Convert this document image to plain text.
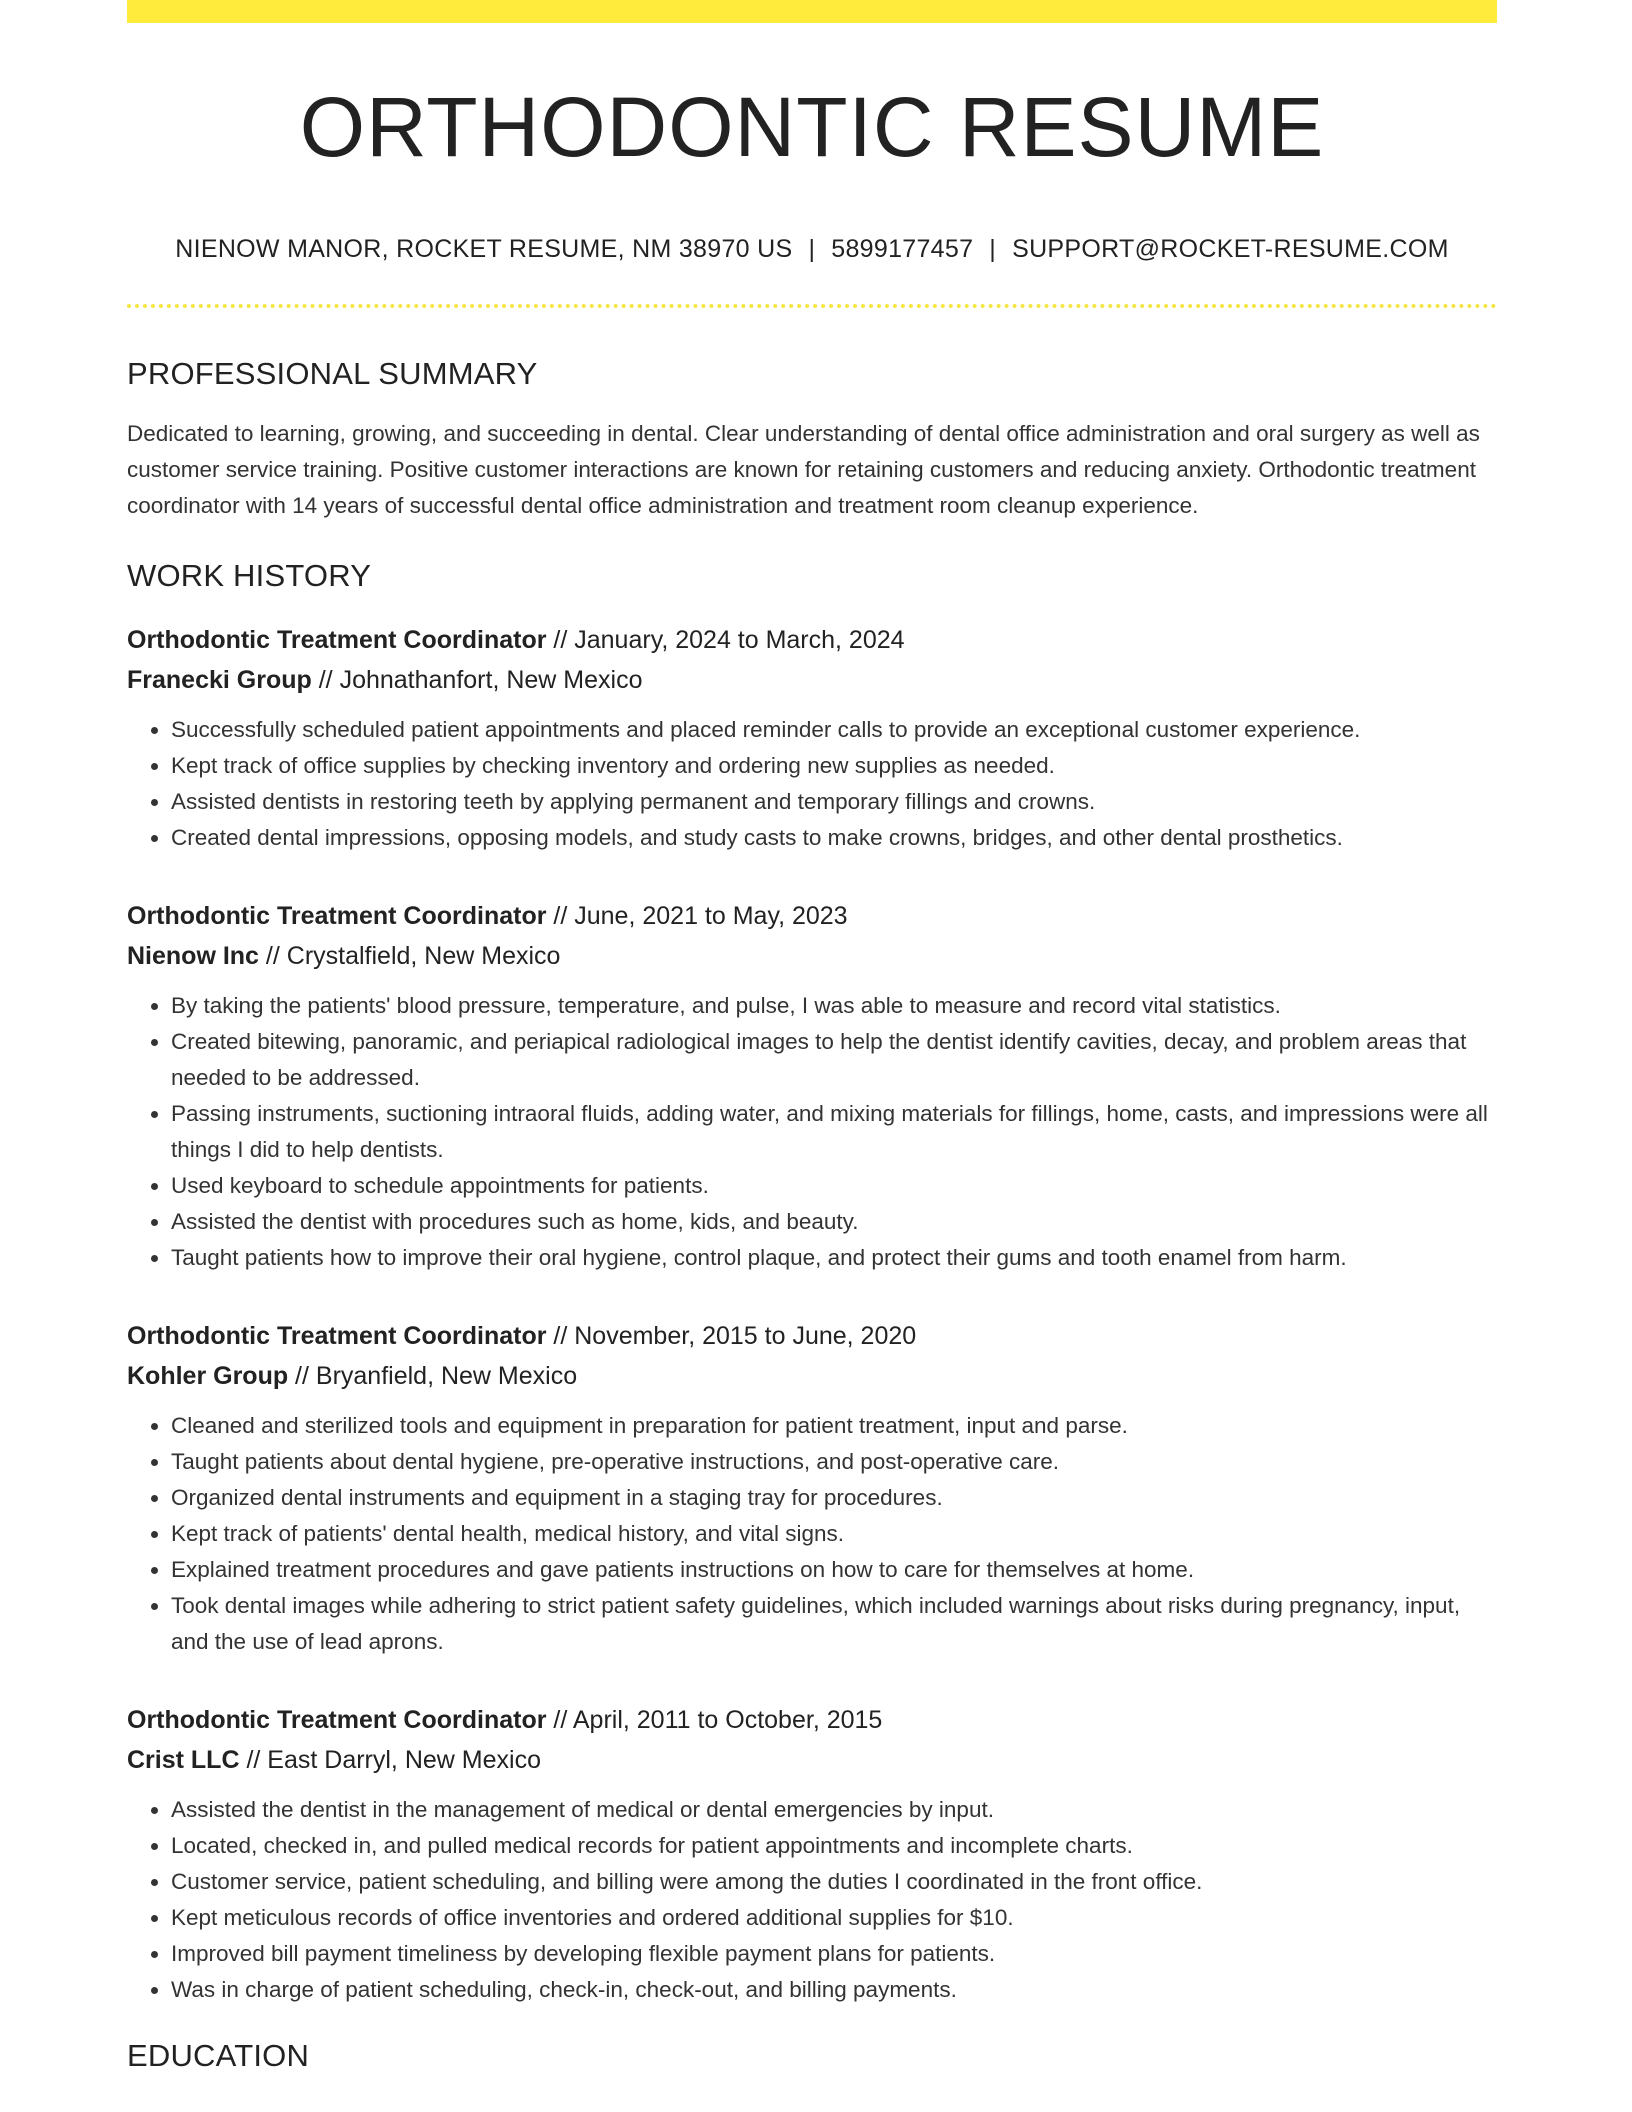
ORTHODONTIC RESUME
NIENOW MANOR, ROCKET RESUME, NM 38970 US | 5899177457 | SUPPORT@ROCKET-RESUME.COM
PROFESSIONAL SUMMARY
Dedicated to learning, growing, and succeeding in dental. Clear understanding of dental office administration and oral surgery as well as customer service training. Positive customer interactions are known for retaining customers and reducing anxiety. Orthodontic treatment coordinator with 14 years of successful dental office administration and treatment room cleanup experience.
WORK HISTORY
Orthodontic Treatment Coordinator // January, 2024 to March, 2024
Franecki Group // Johnathanfort, New Mexico
• Successfully scheduled patient appointments and placed reminder calls to provide an exceptional customer experience.
• Kept track of office supplies by checking inventory and ordering new supplies as needed.
• Assisted dentists in restoring teeth by applying permanent and temporary fillings and crowns.
• Created dental impressions, opposing models, and study casts to make crowns, bridges, and other dental prosthetics.
Orthodontic Treatment Coordinator // June, 2021 to May, 2023
Nienow Inc // Crystalfield, New Mexico
• By taking the patients' blood pressure, temperature, and pulse, I was able to measure and record vital statistics.
• Created bitewing, panoramic, and periapical radiological images to help the dentist identify cavities, decay, and problem areas that needed to be addressed.
• Passing instruments, suctioning intraoral fluids, adding water, and mixing materials for fillings, home, casts, and impressions were all things I did to help dentists.
• Used keyboard to schedule appointments for patients.
• Assisted the dentist with procedures such as home, kids, and beauty.
• Taught patients how to improve their oral hygiene, control plaque, and protect their gums and tooth enamel from harm.
Orthodontic Treatment Coordinator // November, 2015 to June, 2020
Kohler Group // Bryanfield, New Mexico
• Cleaned and sterilized tools and equipment in preparation for patient treatment, input and parse.
• Taught patients about dental hygiene, pre-operative instructions, and post-operative care.
• Organized dental instruments and equipment in a staging tray for procedures.
• Kept track of patients' dental health, medical history, and vital signs.
• Explained treatment procedures and gave patients instructions on how to care for themselves at home.
• Took dental images while adhering to strict patient safety guidelines, which included warnings about risks during pregnancy, input, and the use of lead aprons.
Orthodontic Treatment Coordinator // April, 2011 to October, 2015
Crist LLC // East Darryl, New Mexico
• Assisted the dentist in the management of medical or dental emergencies by input.
• Located, checked in, and pulled medical records for patient appointments and incomplete charts.
• Customer service, patient scheduling, and billing were among the duties I coordinated in the front office.
• Kept meticulous records of office inventories and ordered additional supplies for $10.
• Improved bill payment timeliness by developing flexible payment plans for patients.
• Was in charge of patient scheduling, check-in, check-out, and billing payments.
EDUCATION
